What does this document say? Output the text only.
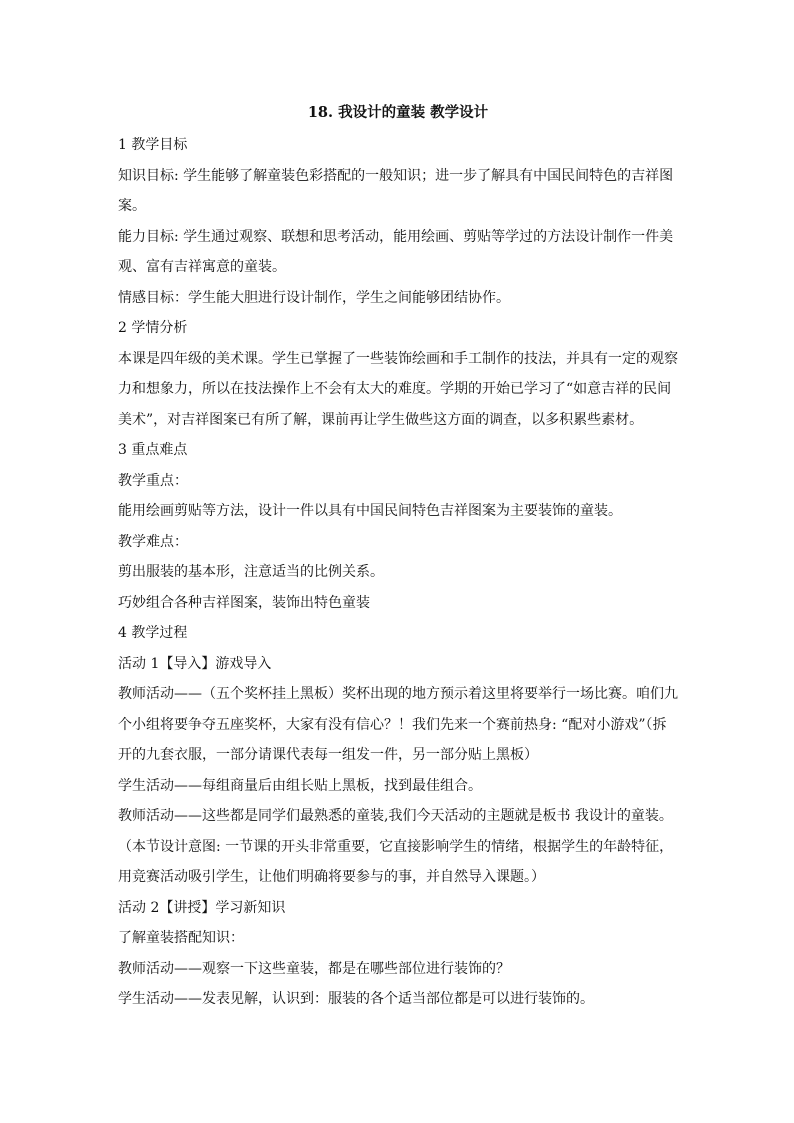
18. 我设计的童装 教学设计
1 教学目标
知识目标: 学生能够了解童装色彩搭配的一般知识；进一步了解具有中国民间特色的吉祥图
案。
能力目标: 学生通过观察、联想和思考活动，能用绘画、剪贴等学过的方法设计制作一件美
观、富有吉祥寓意的童装。
情感目标：学生能大胆进行设计制作，学生之间能够团结协作。
2 学情分析
本课是四年级的美术课。学生已掌握了一些装饰绘画和手工制作的技法，并具有一定的观察
力和想象力，所以在技法操作上不会有太大的难度。学期的开始已学习了“如意吉祥的民间
美术”，对吉祥图案已有所了解，课前再让学生做些这方面的调查，以多积累些素材。
3 重点难点
教学重点：
能用绘画剪贴等方法，设计一件以具有中国民间特色吉祥图案为主要装饰的童装。
教学难点：
剪出服装的基本形，注意适当的比例关系。
巧妙组合各种吉祥图案，装饰出特色童装
4 教学过程
活动 1【导入】游戏导入
教师活动——（五个奖杯挂上黑板）奖杯出现的地方预示着这里将要举行一场比赛。咱们九
个小组将要争夺五座奖杯，大家有没有信心？！我们先来一个赛前热身: “配对小游戏”（拆
开的九套衣服，一部分请课代表每一组发一件，另一部分贴上黑板）
学生活动——每组商量后由组长贴上黑板，找到最佳组合。
教师活动——这些都是同学们最熟悉的童装,我们今天活动的主题就是板书 我设计的童装。
（本节设计意图: 一节课的开头非常重要，它直接影响学生的情绪，根据学生的年龄特征，
用竞赛活动吸引学生，让他们明确将要参与的事，并自然导入课题。）
活动 2【讲授】学习新知识
了解童装搭配知识：
教师活动——观察一下这些童装，都是在哪些部位进行装饰的？
学生活动——发表见解，认识到：服装的各个适当部位都是可以进行装饰的。
